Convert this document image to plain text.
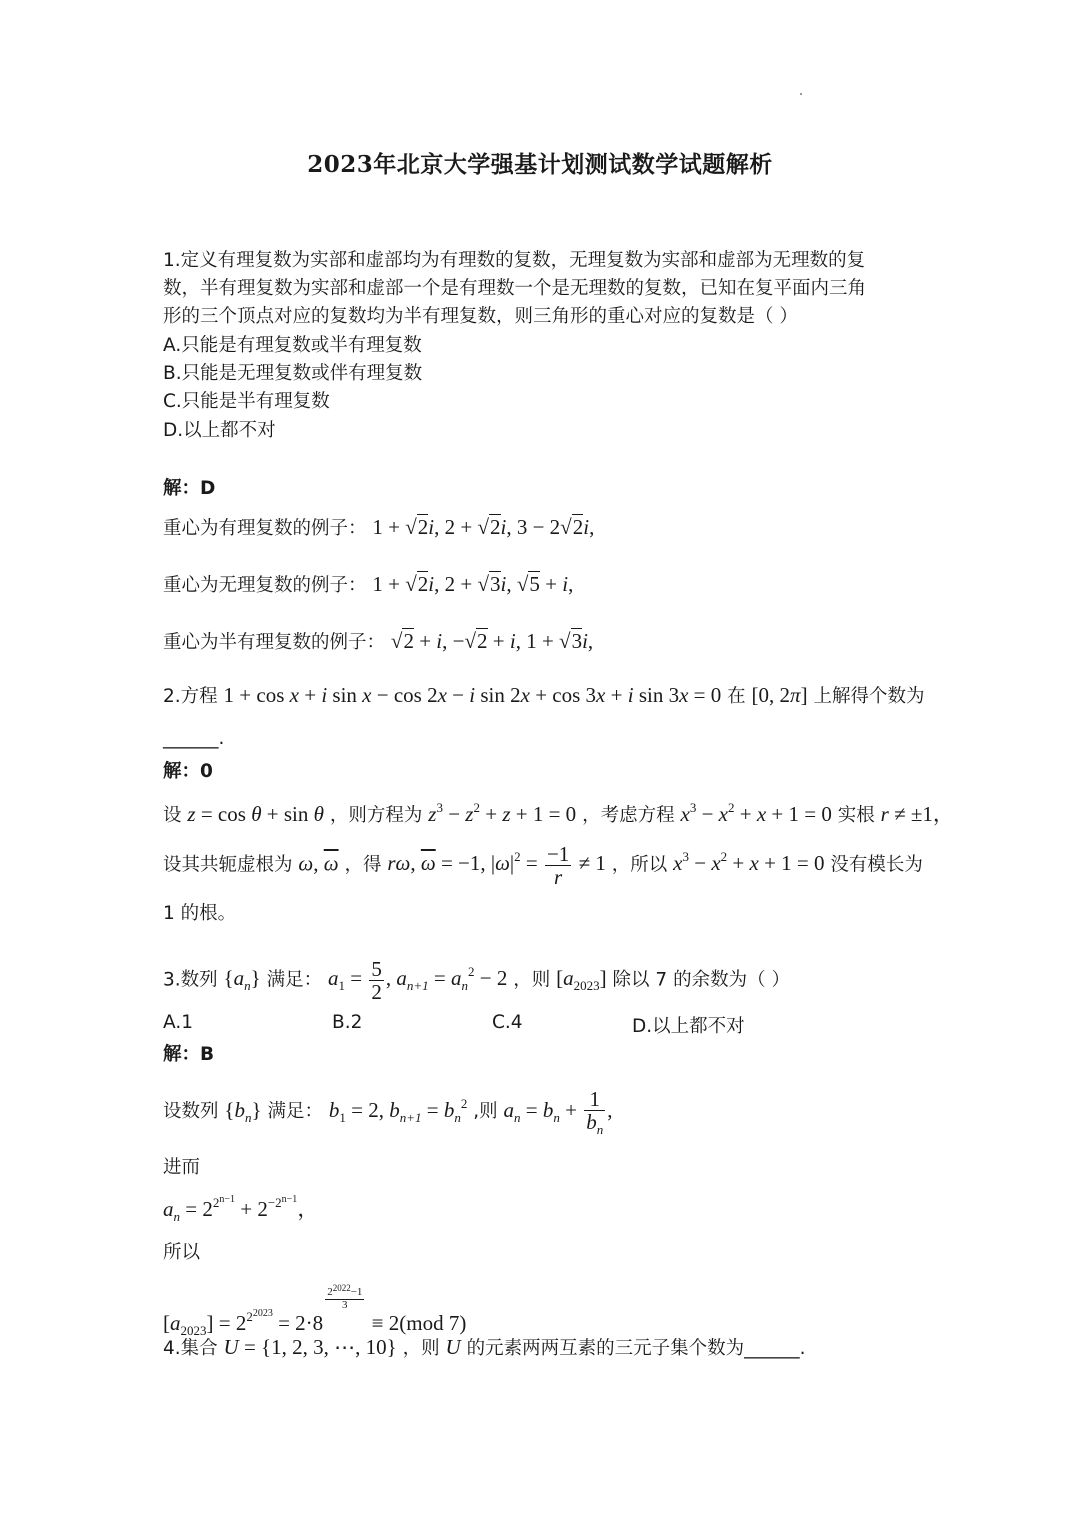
2023年北京大学强基计划测试数学试题解析
1.定义有理复数为实部和虚部均为有理数的复数，无理复数为实部和虚部为无理数的复
数，半有理复数为实部和虚部一个是有理数一个是无理数的复数，已知在复平面内三角
形的三个顶点对应的复数均为半有理复数，则三角形的重心对应的复数是（ ）
A.只能是有理复数或半有理复数
B.只能是无理复数或伴有理复数
C.只能是半有理复数
D.以上都不对
解：D
重心为有理复数的例子： 1 + √2i, 2 + √2i, 3 − 2√2i,
重心为无理复数的例子： 1 + √2i, 2 + √3i, √5 + i,
重心为半有理复数的例子： √2 + i, −√2 + i, 1 + √3i,
2.方程 1 + cos x + i sin x − cos 2x − i sin 2x + cos 3x + i sin 3x = 0 在 [0, 2π] 上解得个数为
______.
解：0
设 z = cos θ + sin θ ，则方程为 $z^3 - z^2 + z + 1 = 0$ ，考虑方程 $x^3 - x^2 + x + 1 = 0$ 实根 r ≠ ±1，
设其共轭虚根为 ω, $\overline{\omega}$ ，得 rω, $\overline{\omega} = -1$, $|\omega|^2 = \frac{-1}{r} \ne 1$ ，所以 $x^3 - x^2 + x + 1 = 0$ 没有模长为
1 的根。
3.数列 $\{a_n\}$ 满足： $a_1 = \frac{5}{2}$ , $a_{n+1} = a_n^2 - 2$ ，则 $[a_{2023}]$ 除以 7 的余数为（ ）
A.1	B.2	C.4	D.以上都不对
解：B
设数列 $\{b_n\}$ 满足： $b_1 = 2$, $b_{n+1} = b_n^2$ ,则 $a_n = b_n + \frac{1}{b_n}$ ,
进而
$a_n = 2^{2^{n-1}} + 2^{-2^{n-1}}$，
所以
$[a_{2023}] = 2^{2^{2023}} = 2\cdot 8$
$\frac{2^{2022}-1}{3}$
≡ 2(mod 7)
4.集合 U = {1, 2, 3, ⋯, 10} ，则 U 的元素两两互素的三元子集个数为______.
